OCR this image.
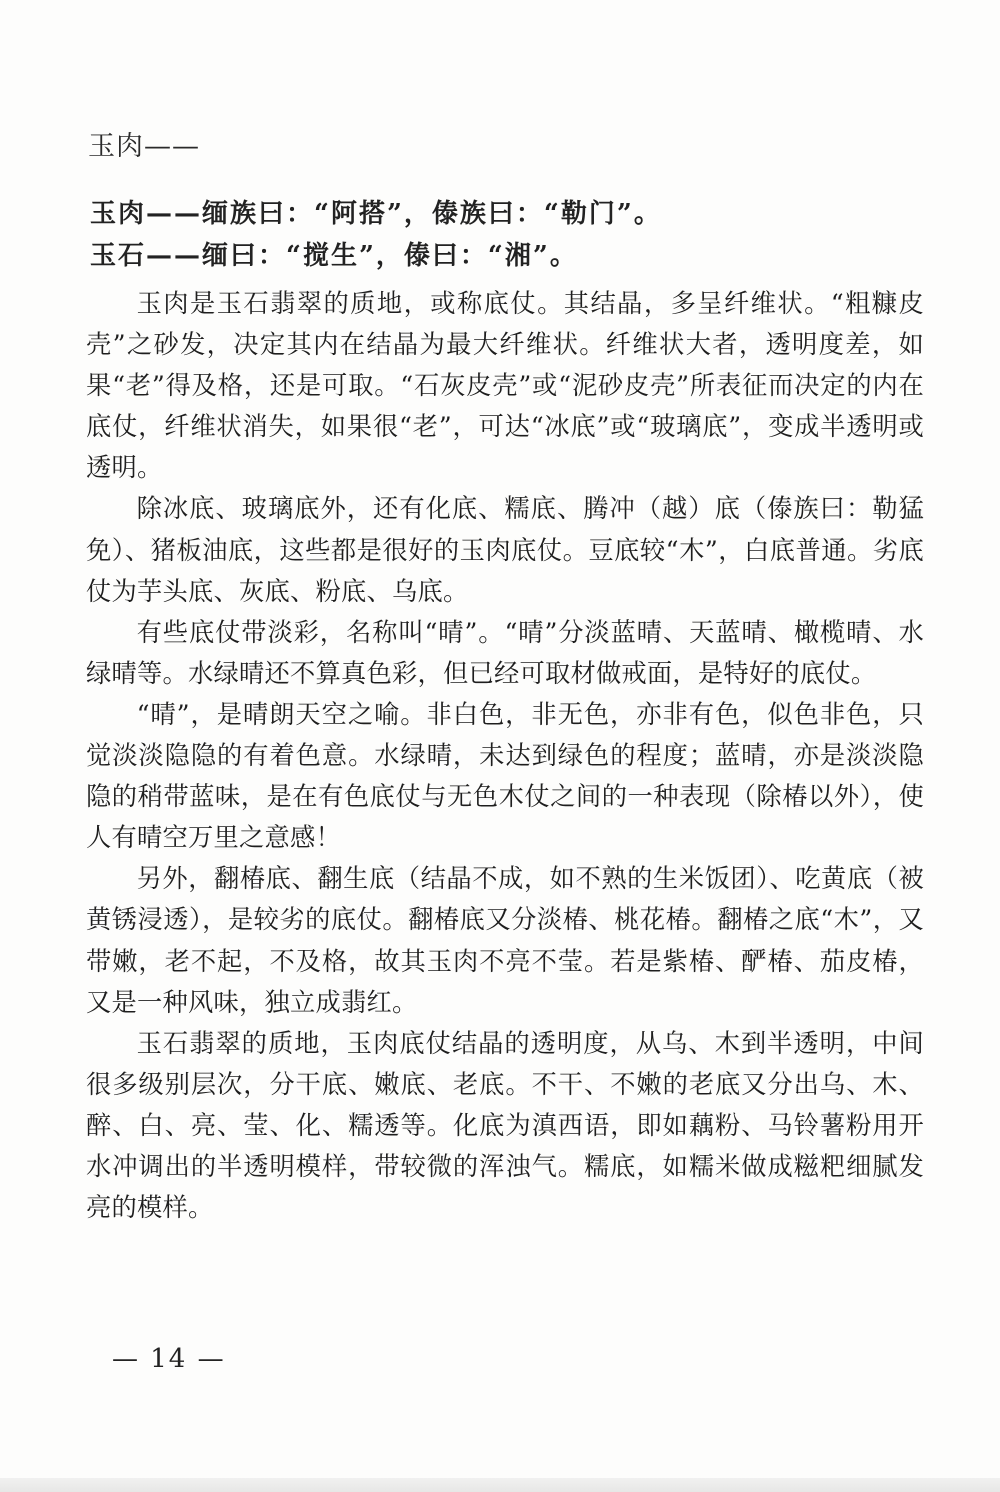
玉肉——
玉肉——缅族曰：“阿搭”，傣族曰：“勒门”。
玉石——缅曰：“搅生”，傣曰：“湘”。

玉肉是玉石翡翠的质地，或称底仗。其结晶，多呈纤维状。“粗糠皮壳”之砂发，决定其内在结晶为最大纤维状。纤维状大者，透明度差，如果“老”得及格，还是可取。“石灰皮壳”或“泥砂皮壳”所表征而决定的内在底仗，纤维状消失，如果很“老”，可达“冰底”或“玻璃底”，变成半透明或透明。

除冰底、玻璃底外，还有化底、糯底、腾冲（越）底（傣族曰：勒猛免）、猪板油底，这些都是很好的玉肉底仗。豆底较“木”，白底普通。劣底仗为芋头底、灰底、粉底、乌底。

有些底仗带淡彩，名称叫“晴”。“晴”分淡蓝晴、天蓝晴、橄榄晴、水绿晴等。水绿晴还不算真色彩，但已经可取材做戒面，是特好的底仗。

“晴”，是晴朗天空之喻。非白色，非无色，亦非有色，似色非色，只觉淡淡隐隐的有着色意。水绿晴，未达到绿色的程度；蓝晴，亦是淡淡隐隐的稍带蓝味，是在有色底仗与无色木仗之间的一种表现（除椿以外），使人有晴空万里之意感！

另外，翻椿底、翻生底（结晶不成，如不熟的生米饭团）、吃黄底（被黄锈浸透），是较劣的底仗。翻椿底又分淡椿、桃花椿。翻椿之底“木”，又带嫩，老不起，不及格，故其玉肉不亮不莹。若是紫椿、酽椿、茄皮椿，又是一种风味，独立成翡红。

玉石翡翠的质地，玉肉底仗结晶的透明度，从乌、木到半透明，中间很多级别层次，分干底、嫩底、老底。不干、不嫩的老底又分出乌、木、醉、白、亮、莹、化、糯透等。化底为滇西语，即如藕粉、马铃薯粉用开水冲调出的半透明模样，带较微的浑浊气。糯底，如糯米做成糍粑细腻发亮的模样。

— 14 —
